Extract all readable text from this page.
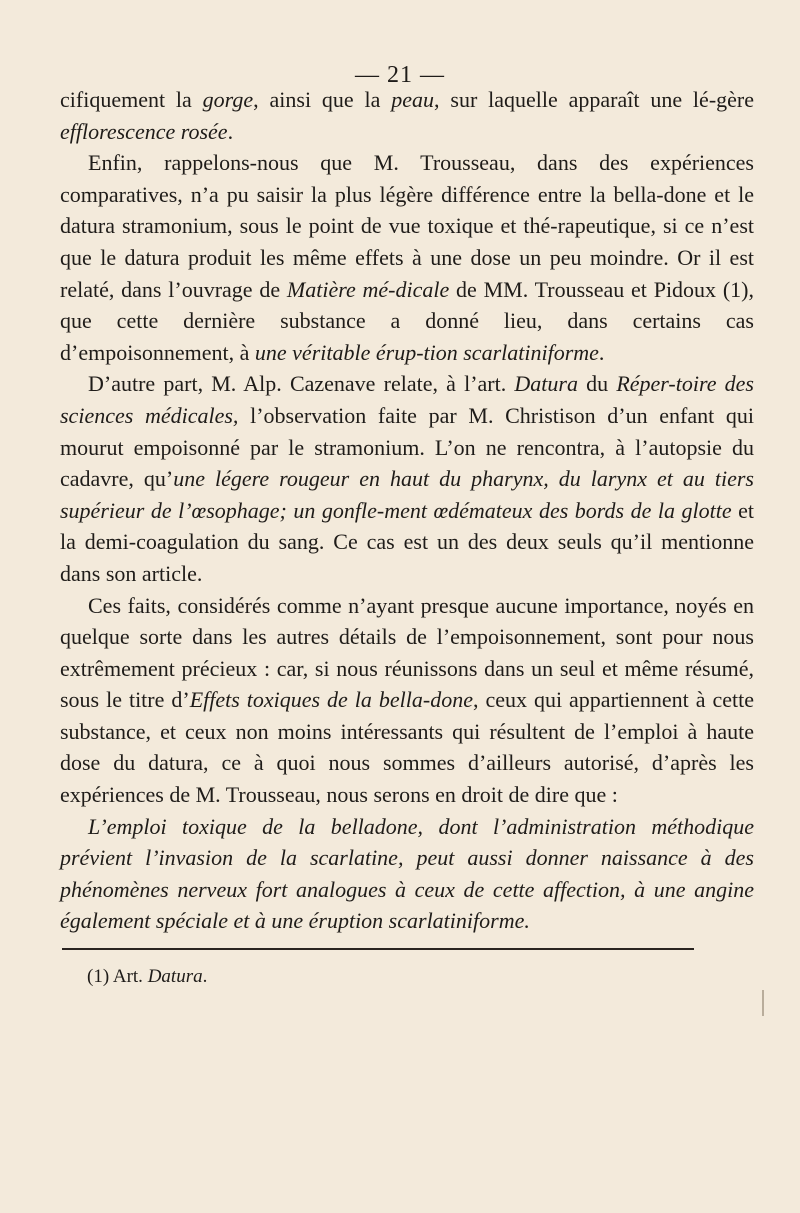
— 21 —

cifiquement la gorge, ainsi que la peau, sur laquelle apparaît une lé-gère efflorescence rosée.

Enfin, rappelons-nous que M. Trousseau, dans des expériences comparatives, n’a pu saisir la plus légère différence entre la bella-done et le datura stramonium, sous le point de vue toxique et thé-rapeutique, si ce n’est que le datura produit les même effets à une dose un peu moindre. Or il est relaté, dans l’ouvrage de Matière mé-dicale de MM. Trousseau et Pidoux (1), que cette dernière substance a donné lieu, dans certains cas d’empoisonnement, à une véritable érup-tion scarlatiniforme.

D’autre part, M. Alp. Cazenave relate, à l’art. Datura du Réper-toire des sciences médicales, l’observation faite par M. Christison d’un enfant qui mourut empoisonné par le stramonium. L’on ne rencontra, à l’autopsie du cadavre, qu’une légere rougeur en haut du pharynx, du larynx et au tiers supérieur de l’œsophage; un gonfle-ment œdémateux des bords de la glotte et la demi-coagulation du sang. Ce cas est un des deux seuls qu’il mentionne dans son article.

Ces faits, considérés comme n’ayant presque aucune importance, noyés en quelque sorte dans les autres détails de l’empoisonnement, sont pour nous extrêmement précieux : car, si nous réunissons dans un seul et même résumé, sous le titre d’Effets toxiques de la bella-done, ceux qui appartiennent à cette substance, et ceux non moins intéressants qui résultent de l’emploi à haute dose du datura, ce à quoi nous sommes d’ailleurs autorisé, d’après les expériences de M. Trousseau, nous serons en droit de dire que :

L’emploi toxique de la belladone, dont l’administration méthodique prévient l’invasion de la scarlatine, peut aussi donner naissance à des phénomènes nerveux fort analogues à ceux de cette affection, à une angine également spéciale et à une éruption scarlatiniforme.

(1) Art. Datura.
